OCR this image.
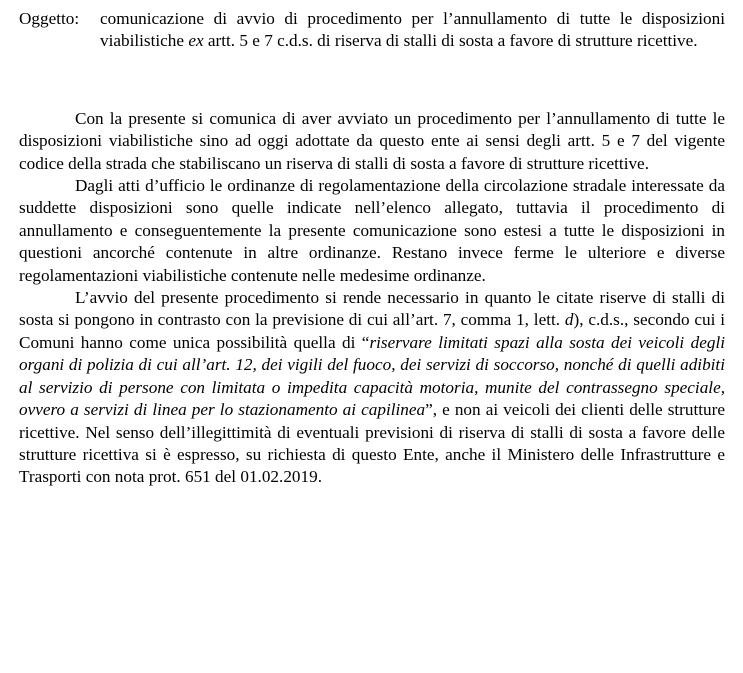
Oggetto:	comunicazione di avvio di procedimento per l’annullamento di tutte le disposizioni viabilistiche ex artt. 5 e 7 c.d.s. di riserva di stalli di sosta a favore di strutture ricettive.

Con la presente si comunica di aver avviato un procedimento per l’annullamento di tutte le disposizioni viabilistiche sino ad oggi adottate da questo ente ai sensi degli artt. 5 e 7 del vigente codice della strada che stabiliscano un riserva di stalli di sosta a favore di strutture ricettive.

Dagli atti d’ufficio le ordinanze di regolamentazione della circolazione stradale interessate da suddette disposizioni sono quelle indicate nell’elenco allegato, tuttavia il procedimento di annullamento e conseguentemente la presente comunicazione sono estesi a tutte le disposizioni in questioni ancorché contenute in altre ordinanze. Restano invece ferme le ulteriore e diverse regolamentazioni viabilistiche contenute nelle medesime ordinanze.

L’avvio del presente procedimento si rende necessario in quanto le citate riserve di stalli di sosta si pongono in contrasto con la previsione di cui all’art. 7, comma 1, lett. d), c.d.s., secondo cui i Comuni hanno come unica possibilità quella di “riservare limitati spazi alla sosta dei veicoli degli organi di polizia di cui all’art. 12, dei vigili del fuoco, dei servizi di soccorso, nonché di quelli adibiti al servizio di persone con limitata o impedita capacità motoria, munite del contrassegno speciale, ovvero a servizi di linea per lo stazionamento ai capilinea”, e non ai veicoli dei clienti delle strutture ricettive. Nel senso dell’illegittimità di eventuali previsioni di riserva di stalli di sosta a favore delle strutture ricettiva si è espresso, su richiesta di questo Ente, anche il Ministero delle Infrastrutture e Trasporti con nota prot. 651 del 01.02.2019.
